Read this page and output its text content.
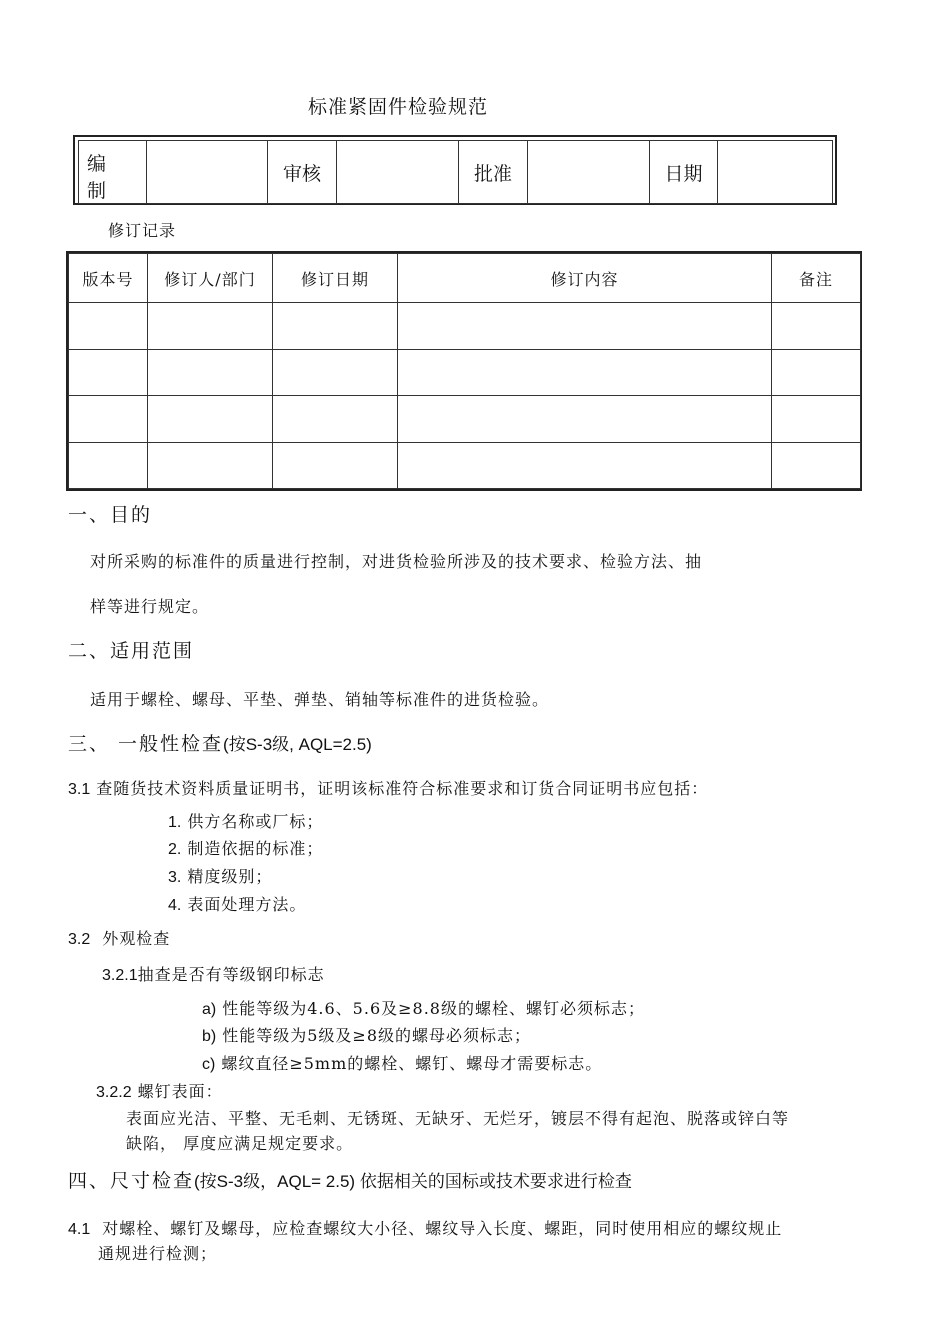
标准紧固件检验规范
编 制		审核		批准		日期	
修订记录
版本号	修订人/部门	修订日期	修订内容	备注

一、目的
对所采购的标准件的质量进行控制，对进货检验所涉及的技术要求、检验方法、抽
样等进行规定。
二、适用范围
适用于螺栓、螺母、平垫、弹垫、销轴等标准件的进货检验。
三、 一般性检查(按S-3级, AQL=2.5)
3.1 查随货技术资料质量证明书，证明该标准符合标准要求和订货合同证明书应包括：
1. 供方名称或厂标；
2. 制造依据的标准；
3. 精度级别；
4. 表面处理方法。
3.2 外观检查
3.2.1抽查是否有等级钢印标志
a) 性能等级为4.6、5.6及≥8.8级的螺栓、螺钉必须标志；
b) 性能等级为5级及≥8级的螺母必须标志；
c) 螺纹直径≥5mm的螺栓、螺钉、螺母才需要标志。
3.2.2 螺钉表面：
表面应光洁、平整、无毛刺、无锈斑、无缺牙、无烂牙，镀层不得有起泡、脱落或锌白等
缺陷， 厚度应满足规定要求。
四、尺寸检查(按S-3级，AQL= 2.5) 依据相关的国标或技术要求进行检查
4.1 对螺栓、螺钉及螺母，应检查螺纹大小径、螺纹导入长度、螺距，同时使用相应的螺纹规止
通规进行检测；
